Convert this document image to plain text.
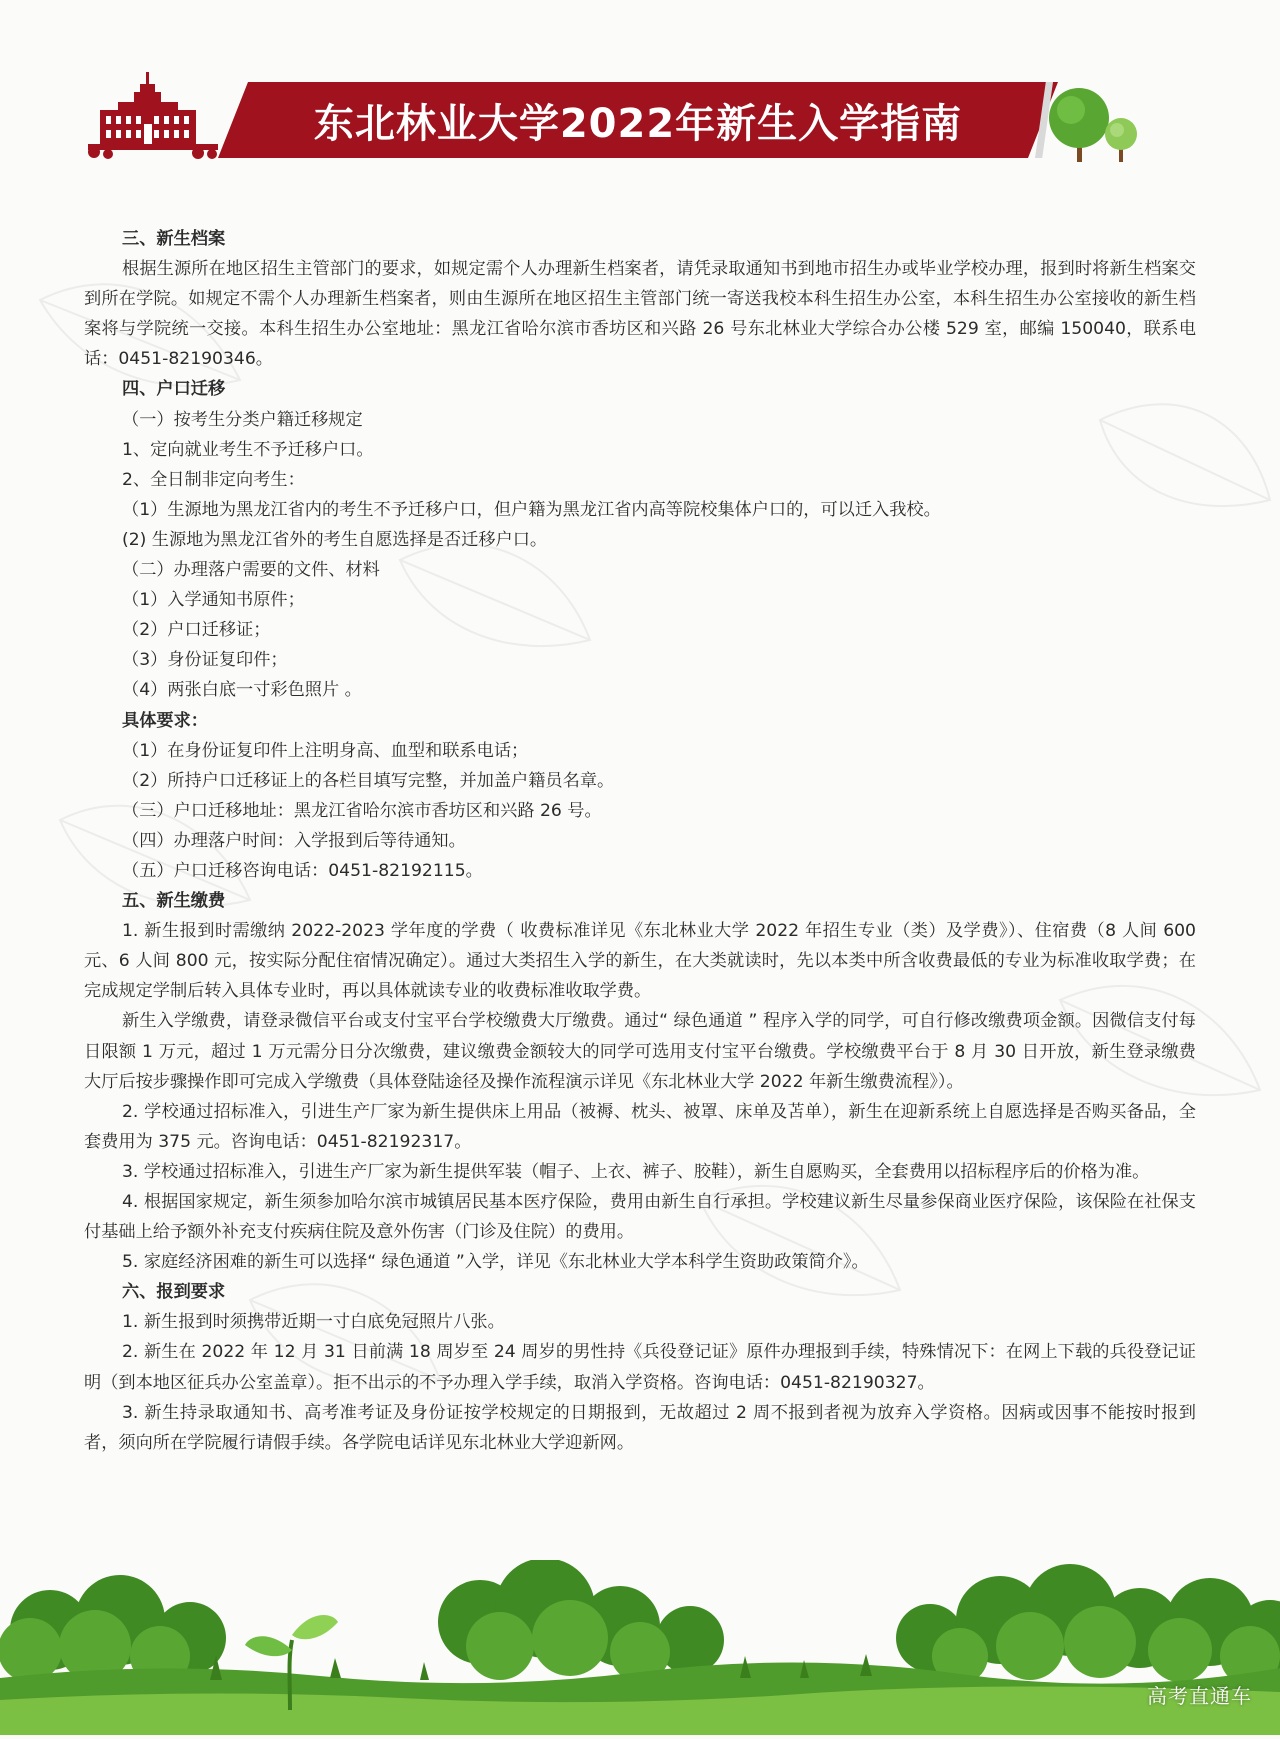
东北林业大学2022年新生入学指南

三、新生档案

根据生源所在地区招生主管部门的要求，如规定需个人办理新生档案者，请凭录取通知书到地市招生办或毕业学校办理，报到时将新生档案交到所在学院。如规定不需个人办理新生档案者，则由生源所在地区招生主管部门统一寄送我校本科生招生办公室，本科生招生办公室接收的新生档案将与学院统一交接。本科生招生办公室地址：黑龙江省哈尔滨市香坊区和兴路 26 号东北林业大学综合办公楼 529 室，邮编 150040，联系电话：0451-82190346。

四、户口迁移

（一）按考生分类户籍迁移规定

1、定向就业考生不予迁移户口。

2、全日制非定向考生：

（1）生源地为黑龙江省内的考生不予迁移户口，但户籍为黑龙江省内高等院校集体户口的，可以迁入我校。

(2) 生源地为黑龙江省外的考生自愿选择是否迁移户口。

（二）办理落户需要的文件、材料

（1）入学通知书原件；

（2）户口迁移证；

（3）身份证复印件；

（4）两张白底一寸彩色照片 。

具体要求：

（1）在身份证复印件上注明身高、血型和联系电话；

（2）所持户口迁移证上的各栏目填写完整，并加盖户籍员名章。

（三）户口迁移地址：黑龙江省哈尔滨市香坊区和兴路 26 号。

（四）办理落户时间：入学报到后等待通知。

（五）户口迁移咨询电话：0451-82192115。

五、新生缴费

1. 新生报到时需缴纳 2022-2023 学年度的学费（ 收费标准详见《东北林业大学 2022 年招生专业（类）及学费》）、住宿费（8 人间 600 元、6 人间 800 元，按实际分配住宿情况确定）。通过大类招生入学的新生，在大类就读时，先以本类中所含收费最低的专业为标准收取学费；在完成规定学制后转入具体专业时，再以具体就读专业的收费标准收取学费。

新生入学缴费，请登录微信平台或支付宝平台学校缴费大厅缴费。通过“ 绿色通道 ” 程序入学的同学，可自行修改缴费项金额。因微信支付每日限额 1 万元，超过 1 万元需分日分次缴费，建议缴费金额较大的同学可选用支付宝平台缴费。学校缴费平台于 8 月 30 日开放，新生登录缴费大厅后按步骤操作即可完成入学缴费（具体登陆途径及操作流程演示详见《东北林业大学 2022 年新生缴费流程》）。

2. 学校通过招标准入，引进生产厂家为新生提供床上用品（被褥、枕头、被罩、床单及苫单），新生在迎新系统上自愿选择是否购买备品，全套费用为 375 元。咨询电话：0451-82192317。

3. 学校通过招标准入，引进生产厂家为新生提供军装（帽子、上衣、裤子、胶鞋），新生自愿购买，全套费用以招标程序后的价格为准。

4. 根据国家规定，新生须参加哈尔滨市城镇居民基本医疗保险，费用由新生自行承担。学校建议新生尽量参保商业医疗保险，该保险在社保支付基础上给予额外补充支付疾病住院及意外伤害（门诊及住院）的费用。

5. 家庭经济困难的新生可以选择“ 绿色通道 ”入学，详见《东北林业大学本科学生资助政策简介》。

六、报到要求

1. 新生报到时须携带近期一寸白底免冠照片八张。

2. 新生在 2022 年 12 月 31 日前满 18 周岁至 24 周岁的男性持《兵役登记证》原件办理报到手续，特殊情况下：在网上下载的兵役登记证明（到本地区征兵办公室盖章）。拒不出示的不予办理入学手续，取消入学资格。咨询电话：0451-82190327。

3. 新生持录取通知书、高考准考证及身份证按学校规定的日期报到，无故超过 2 周不报到者视为放弃入学资格。因病或因事不能按时报到者，须向所在学院履行请假手续。各学院电话详见东北林业大学迎新网。

高考直通车
